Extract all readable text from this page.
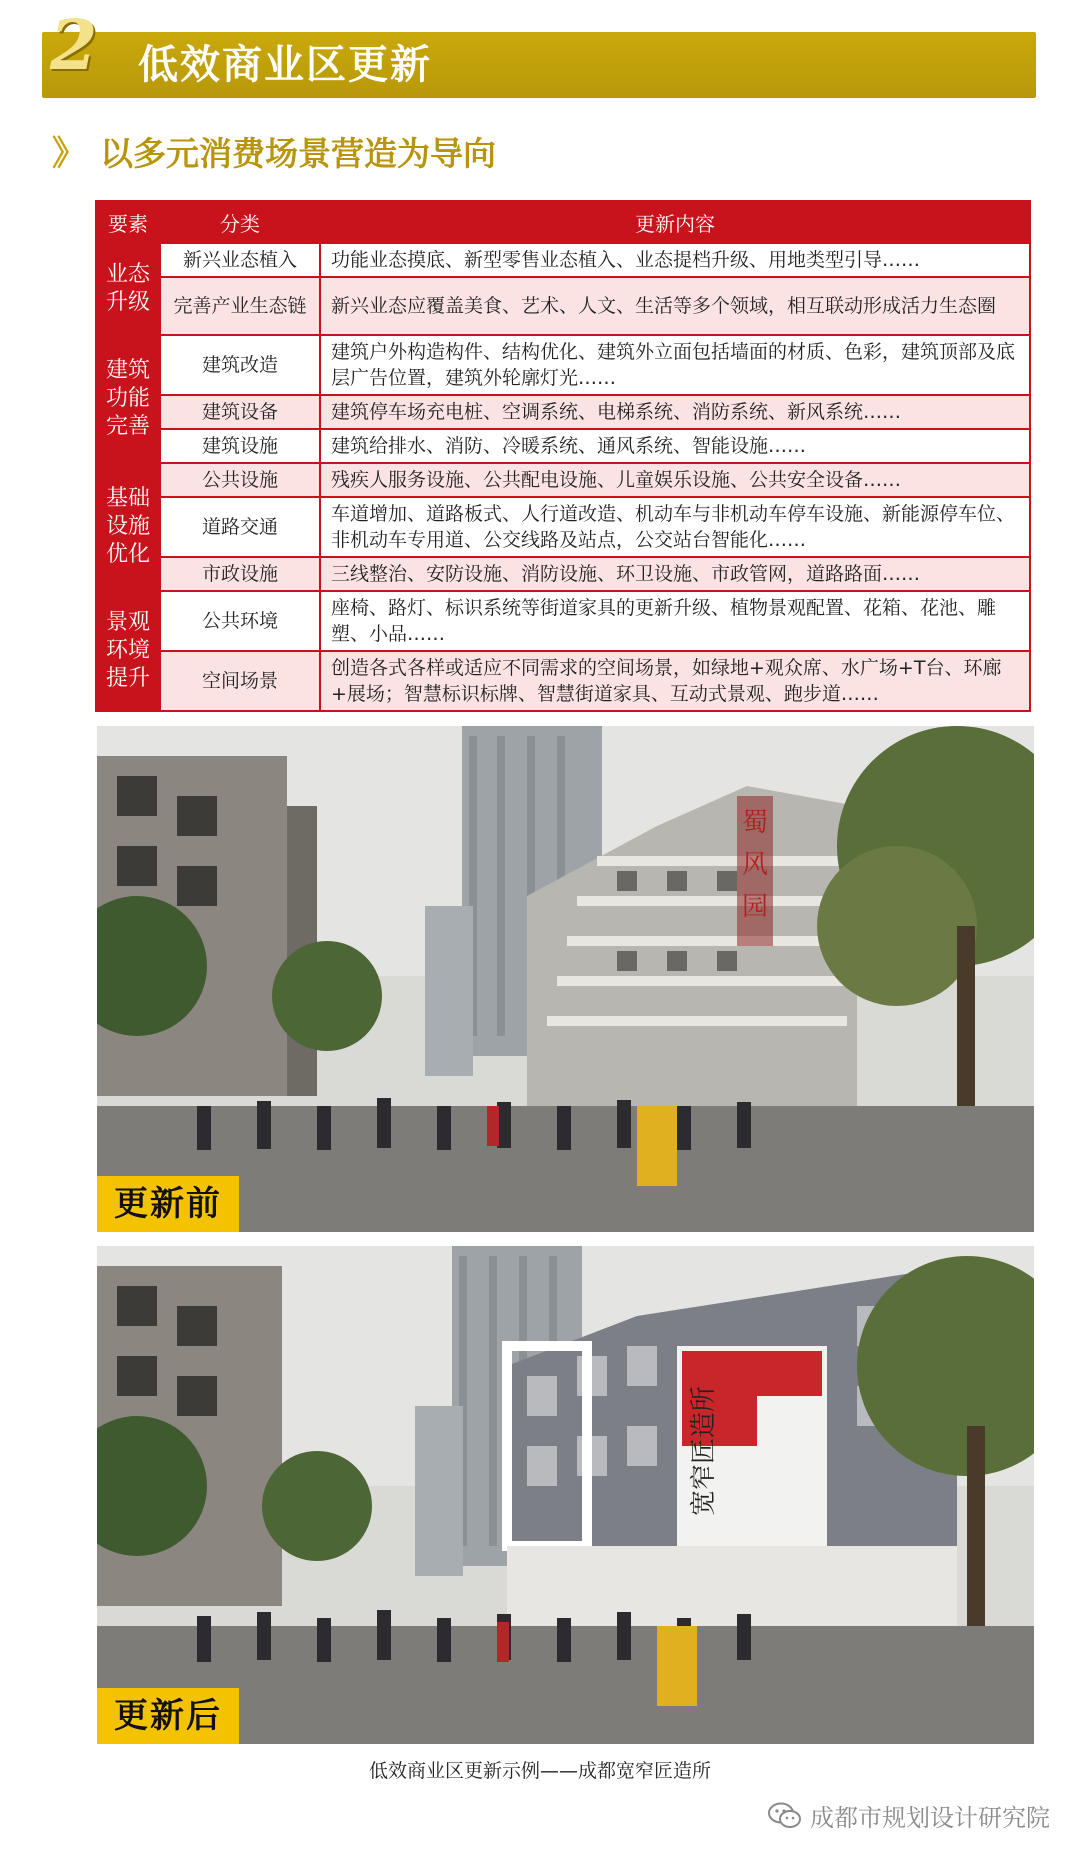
2 低效商业区更新
》 以多元消费场景营造为导向
要素	分类	更新内容
业态升级	新兴业态植入	功能业态摸底、新型零售业态植入、业态提档升级、用地类型引导……
	完善产业生态链	新兴业态应覆盖美食、艺术、人文、生活等多个领域，相互联动形成活力生态圈
建筑功能完善	建筑改造	建筑户外构造构件、结构优化、建筑外立面包括墙面的材质、色彩，建筑顶部及底层广告位置，建筑外轮廓灯光……
	建筑设备	建筑停车场充电桩、空调系统、电梯系统、消防系统、新风系统……
	建筑设施	建筑给排水、消防、冷暖系统、通风系统、智能设施……
基础设施优化	公共设施	残疾人服务设施、公共配电设施、儿童娱乐设施、公共安全设备……
	道路交通	车道增加、道路板式、人行道改造、机动车与非机动车停车设施、新能源停车位、非机动车专用道、公交线路及站点，公交站台智能化……
	市政设施	三线整治、安防设施、消防设施、环卫设施、市政管网，道路路面……
景观环境提升	公共环境	座椅、路灯、标识系统等街道家具的更新升级、植物景观配置、花箱、花池、雕塑、小品……
	空间场景	创造各式各样或适应不同需求的空间场景，如绿地+观众席、水广场+T台、环廊+展场；智慧标识标牌、智慧街道家具、互动式景观、跑步道……
蜀
风
园
更新前
宽窄匠造所
更新后
低效商业区更新示例——成都宽窄匠造所
成都市规划设计研究院
